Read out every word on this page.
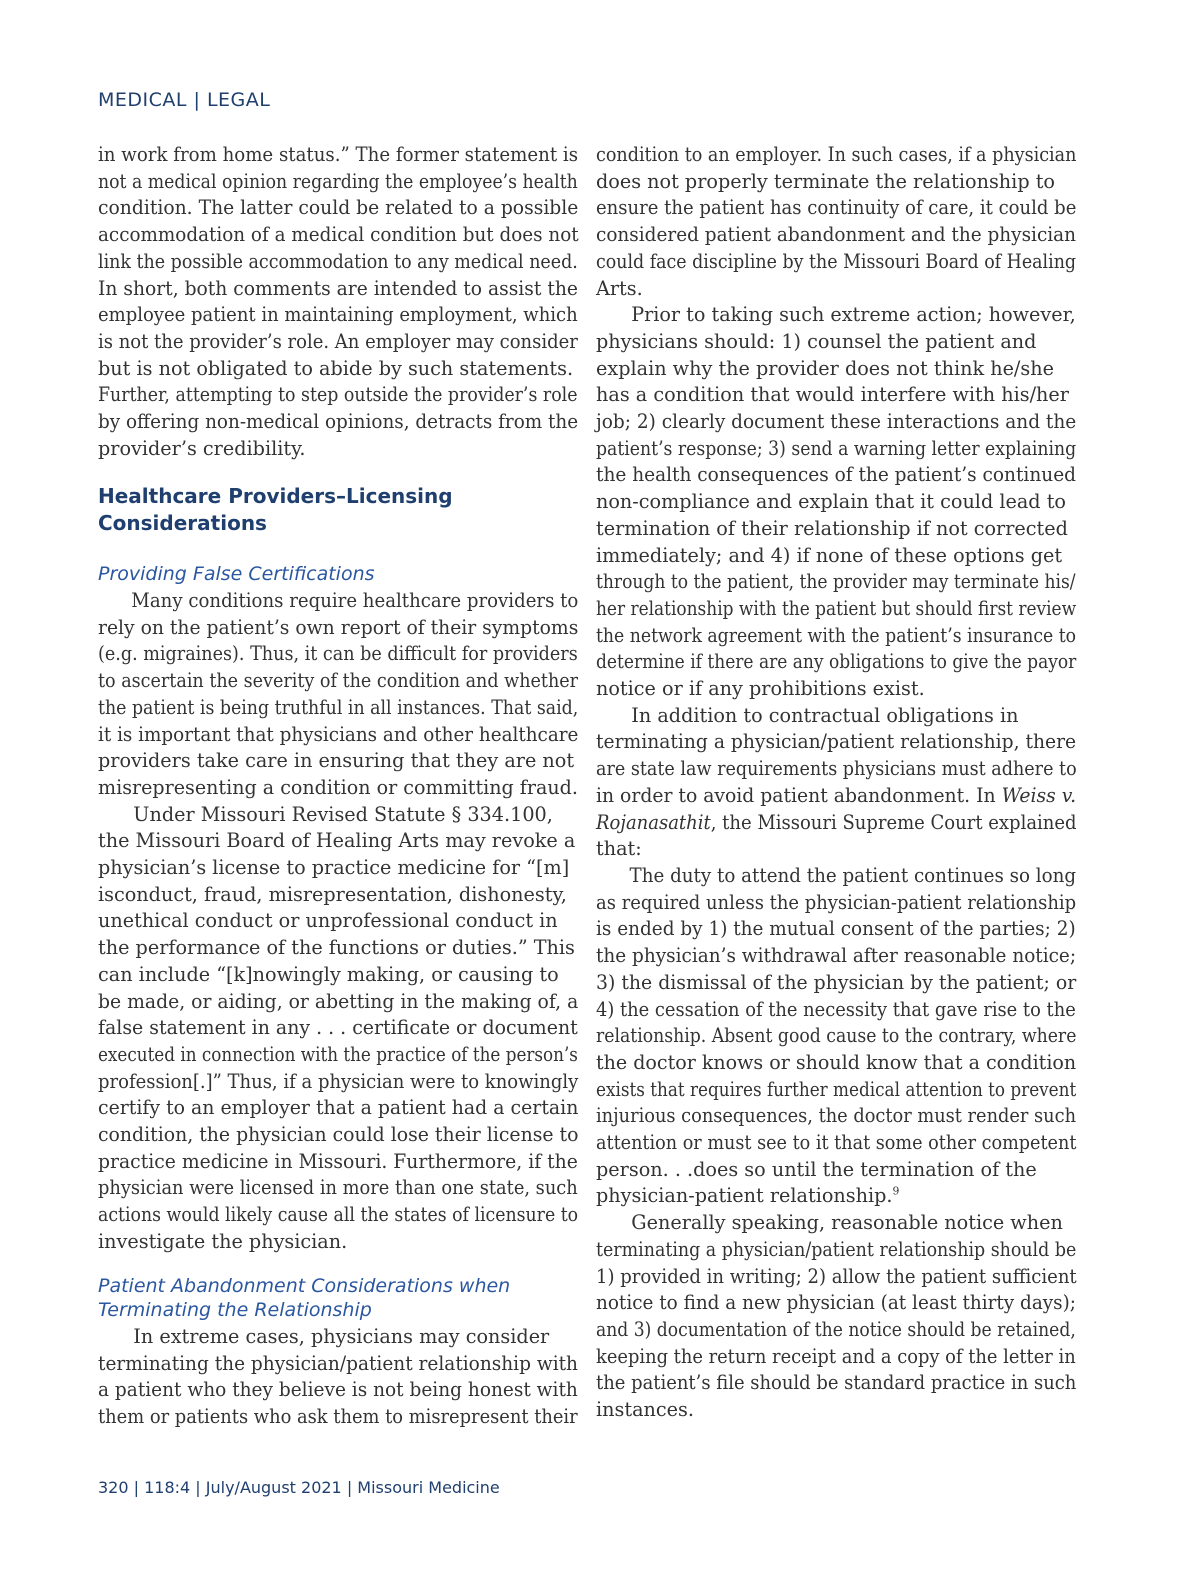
MEDICAL | LEGAL
in work from home status.” The former statement is
not a medical opinion regarding the employee’s health
condition. The latter could be related to a possible
accommodation of a medical condition but does not
link the possible accommodation to any medical need.
In short, both comments are intended to assist the
employee patient in maintaining employment, which
is not the provider’s role. An employer may consider
but is not obligated to abide by such statements.
Further, attempting to step outside the provider’s role
by offering non-medical opinions, detracts from the
provider’s credibility.
Healthcare Providers–Licensing
Considerations
Providing False Certifications
Many conditions require healthcare providers to
rely on the patient’s own report of their symptoms
(e.g. migraines). Thus, it can be difficult for providers
to ascertain the severity of the condition and whether
the patient is being truthful in all instances. That said,
it is important that physicians and other healthcare
providers take care in ensuring that they are not
misrepresenting a condition or committing fraud.
Under Missouri Revised Statute § 334.100,
the Missouri Board of Healing Arts may revoke a
physician’s license to practice medicine for “[m]
isconduct, fraud, misrepresentation, dishonesty,
unethical conduct or unprofessional conduct in
the performance of the functions or duties.” This
can include “[k]nowingly making, or causing to
be made, or aiding, or abetting in the making of, a
false statement in any . . . certificate or document
executed in connection with the practice of the person’s
profession[.]” Thus, if a physician were to knowingly
certify to an employer that a patient had a certain
condition, the physician could lose their license to
practice medicine in Missouri. Furthermore, if the
physician were licensed in more than one state, such
actions would likely cause all the states of licensure to
investigate the physician.
Patient Abandonment Considerations when
Terminating the Relationship
In extreme cases, physicians may consider
terminating the physician/patient relationship with
a patient who they believe is not being honest with
them or patients who ask them to misrepresent their
condition to an employer. In such cases, if a physician
does not properly terminate the relationship to
ensure the patient has continuity of care, it could be
considered patient abandonment and the physician
could face discipline by the Missouri Board of Healing
Arts.
Prior to taking such extreme action; however,
physicians should: 1) counsel the patient and
explain why the provider does not think he/she
has a condition that would interfere with his/her
job; 2) clearly document these interactions and the
patient’s response; 3) send a warning letter explaining
the health consequences of the patient’s continued
non-compliance and explain that it could lead to
termination of their relationship if not corrected
immediately; and 4) if none of these options get
through to the patient, the provider may terminate his/
her relationship with the patient but should first review
the network agreement with the patient’s insurance to
determine if there are any obligations to give the payor
notice or if any prohibitions exist.
In addition to contractual obligations in
terminating a physician/patient relationship, there
are state law requirements physicians must adhere to
in order to avoid patient abandonment. In Weiss v.
Rojanasathit, the Missouri Supreme Court explained
that:
The duty to attend the patient continues so long
as required unless the physician-patient relationship
is ended by 1) the mutual consent of the parties; 2)
the physician’s withdrawal after reasonable notice;
3) the dismissal of the physician by the patient; or
4) the cessation of the necessity that gave rise to the
relationship. Absent good cause to the contrary, where
the doctor knows or should know that a condition
exists that requires further medical attention to prevent
injurious consequences, the doctor must render such
attention or must see to it that some other competent
person. . .does so until the termination of the
physician-patient relationship.$^9$
Generally speaking, reasonable notice when
terminating a physician/patient relationship should be
1) provided in writing; 2) allow the patient sufficient
notice to find a new physician (at least thirty days);
and 3) documentation of the notice should be retained,
keeping the return receipt and a copy of the letter in
the patient’s file should be standard practice in such
instances.
320 | 118:4 | July/August 2021 | Missouri Medicine
